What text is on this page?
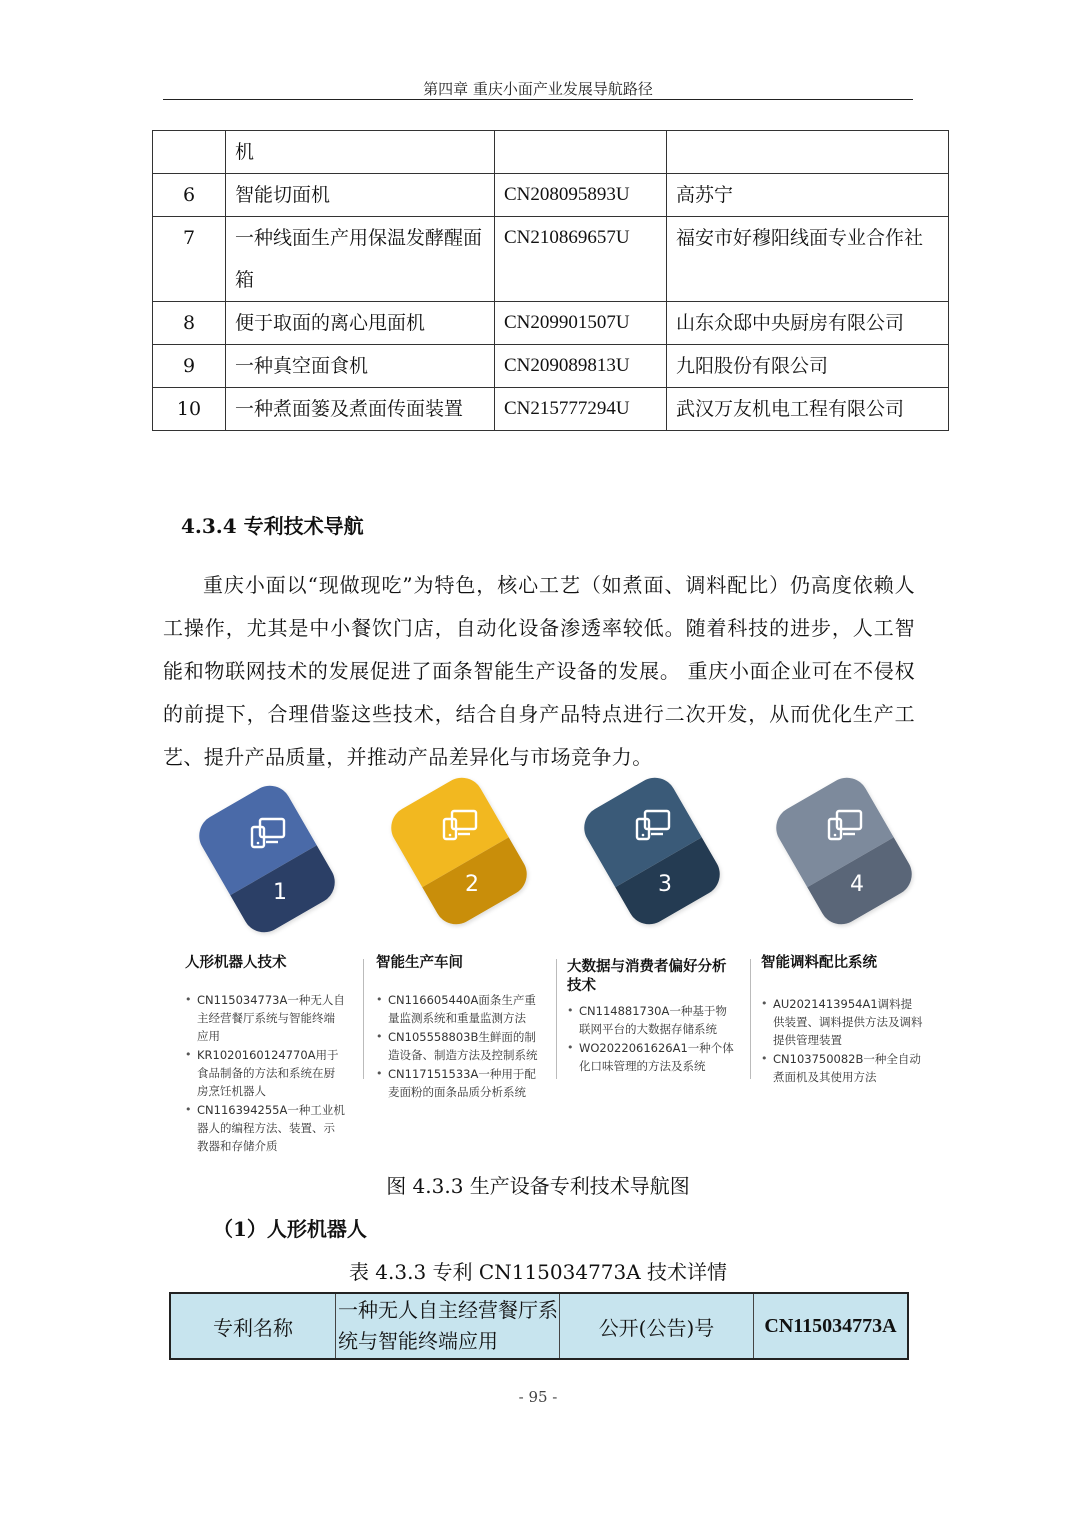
第四章 重庆小面产业发展导航路径
	机		
6	智能切面机	CN208095893U	高苏宁
7	一种线面生产用保温发酵醒面箱	CN210869657U	福安市好穆阳线面专业合作社
8	便于取面的离心甩面机	CN209901507U	山东众邸中央厨房有限公司
9	一种真空面食机	CN209089813U	九阳股份有限公司
10	一种煮面篓及煮面传面装置	CN215777294U	武汉万友机电工程有限公司
4.3.4 专利技术导航
重庆小面以“现做现吃”为特色，核心工艺（如煮面、调料配比）仍高度依赖人工操作，尤其是中小餐饮门店，自动化设备渗透率较低。随着科技的进步，人工智能和物联网技术的发展促进了面条智能生产设备的发展。 重庆小面企业可在不侵权的前提下，合理借鉴这些技术，结合自身产品特点进行二次开发，从而优化生产工艺、提升产品质量，并推动产品差异化与市场竞争力。
1	2	3	4
人形机器人技术
• CN115034773A一种无人自主经营餐厅系统与智能终端应用
• KR1020160124770A用于食品制备的方法和系统在厨房烹饪机器人
• CN116394255A一种工业机器人的编程方法、装置、示教器和存储介质
智能生产车间
• CN116605440A面条生产重量监测系统和重量监测方法
• CN105558803B生鲜面的制造设备、制造方法及控制系统
• CN117151533A一种用于配麦面粉的面条品质分析系统
大数据与消费者偏好分析技术
• CN114881730A一种基于物联网平台的大数据存储系统
• WO2022061626A1一种个体化口味管理的方法及系统
智能调料配比系统
• AU2021413954A1调料提供装置、调料提供方法及调料提供管理装置
• CN103750082B一种全自动煮面机及其使用方法
图 4.3.3 生产设备专利技术导航图
（1）人形机器人
表 4.3.3 专利 CN115034773A 技术详情
专利名称	一种无人自主经营餐厅系统与智能终端应用	公开(公告)号	CN115034773A
- 95 -
